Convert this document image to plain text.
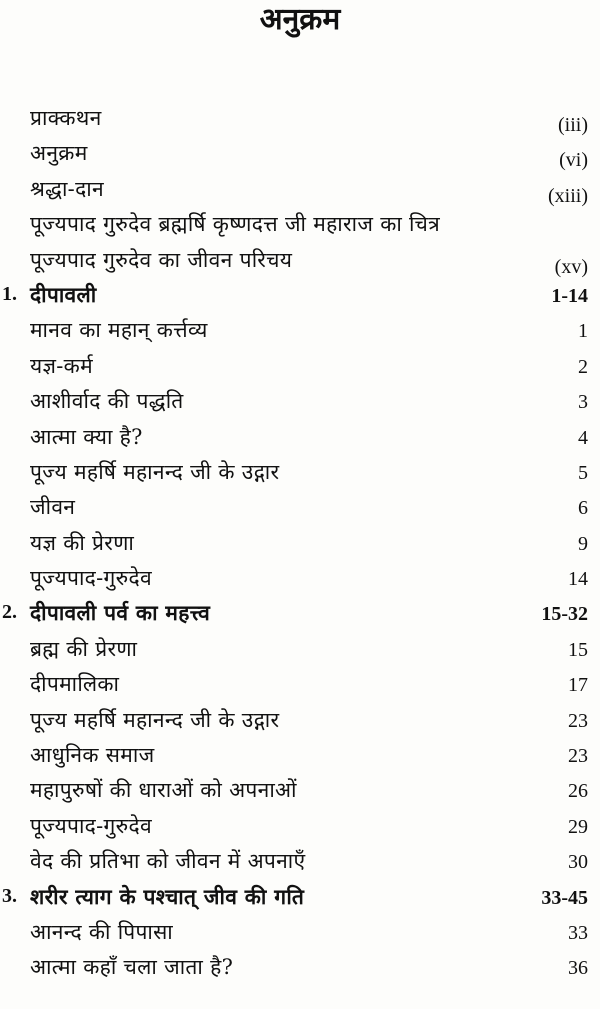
अनुक्रम
प्राक्कथन	(iii)
अनुक्रम	(vi)
श्रद्धा-दान	(xiii)
पूज्यपाद गुरुदेव ब्रह्मर्षि कृष्णदत्त जी महाराज का चित्र
पूज्यपाद गुरुदेव का जीवन परिचय	(xv)
1. दीपावली	1-14
मानव का महान् कर्त्तव्य	1
यज्ञ-कर्म	2
आशीर्वाद की पद्धति	3
आत्मा क्या है?	4
पूज्य महर्षि महानन्द जी के उद्गार	5
जीवन	6
यज्ञ की प्रेरणा	9
पूज्यपाद-गुरुदेव	14
2. दीपावली पर्व का महत्त्व	15-32
ब्रह्म की प्रेरणा	15
दीपमालिका	17
पूज्य महर्षि महानन्द जी के उद्गार	23
आधुनिक समाज	23
महापुरुषों की धाराओं को अपनाओं	26
पूज्यपाद-गुरुदेव	29
वेद की प्रतिभा को जीवन में अपनाएँ	30
3. शरीर त्याग के पश्चात् जीव की गति	33-45
आनन्द की पिपासा	33
आत्मा कहाँ चला जाता है?	36
